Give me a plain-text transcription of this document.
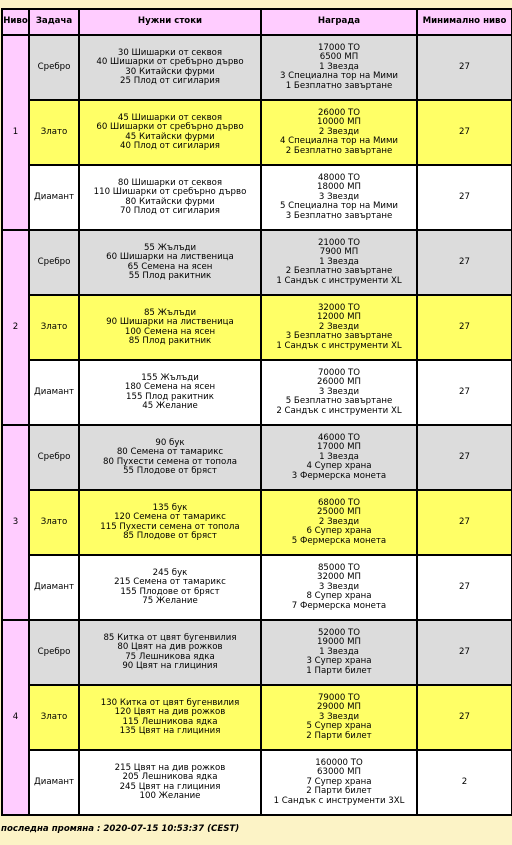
Ниво	Задача	Нужни стоки	Награда	Минимално ниво
1	Сребро	30 Шишарки от секвоя
40 Шишарки от сребърно дърво
30 Китайски фурми
25 Плод от сигилария	17000 ТО
6500 МП
1 Звезда
3 Специална тор на Мими
1 Безплатно завъртане	27
	Злато	45 Шишарки от секвоя
60 Шишарки от сребърно дърво
45 Китайски фурми
40 Плод от сигилария	26000 ТО
10000 МП
2 Звезди
4 Специална тор на Мими
2 Безплатно завъртане	27
	Диамант	80 Шишарки от секвоя
110 Шишарки от сребърно дърво
80 Китайски фурми
70 Плод от сигилария	48000 ТО
18000 МП
3 Звезди
5 Специална тор на Мими
3 Безплатно завъртане	27
2	Сребро	55 Жълъди
60 Шишарки на лиственица
65 Семена на ясен
55 Плод ракитник	21000 ТО
7900 МП
1 Звезда
2 Безплатно завъртане
1 Сандък с инструменти XL	27
	Злато	85 Жълъди
90 Шишарки на лиственица
100 Семена на ясен
85 Плод ракитник	32000 ТО
12000 МП
2 Звезди
3 Безплатно завъртане
1 Сандък с инструменти XL	27
	Диамант	155 Жълъди
180 Семена на ясен
155 Плод ракитник
45 Желание	70000 ТО
26000 МП
3 Звезди
5 Безплатно завъртане
2 Сандък с инструменти XL	27
3	Сребро	90 бук
80 Семена от тамарикс
80 Пухести семена от топола
55 Плодове от бряст	46000 ТО
17000 МП
1 Звезда
4 Супер храна
3 Фермерска монета	27
	Злато	135 бук
120 Семена от тамарикс
115 Пухести семена от топола
85 Плодове от бряст	68000 ТО
25000 МП
2 Звезди
6 Супер храна
5 Фермерска монета	27
	Диамант	245 бук
215 Семена от тамарикс
155 Плодове от бряст
75 Желание	85000 ТО
32000 МП
3 Звезди
8 Супер храна
7 Фермерска монета	27
4	Сребро	85 Китка от цвят бугенвилия
80 Цвят на див рожков
75 Лешникова ядка
90 Цвят на глициния	52000 ТО
19000 МП
1 Звезда
3 Супер храна
1 Парти билет	27
	Злато	130 Китка от цвят бугенвилия
120 Цвят на див рожков
115 Лешникова ядка
135 Цвят на глициния	79000 ТО
29000 МП
3 Звезди
5 Супер храна
2 Парти билет	27
	Диамант	215 Цвят на див рожков
205 Лешникова ядка
245 Цвят на глициния
100 Желание	160000 ТО
63000 МП
7 Супер храна
2 Парти билет
1 Сандък с инструменти 3XL	2
последна промяна : 2020-07-15 10:53:37 (CEST)
